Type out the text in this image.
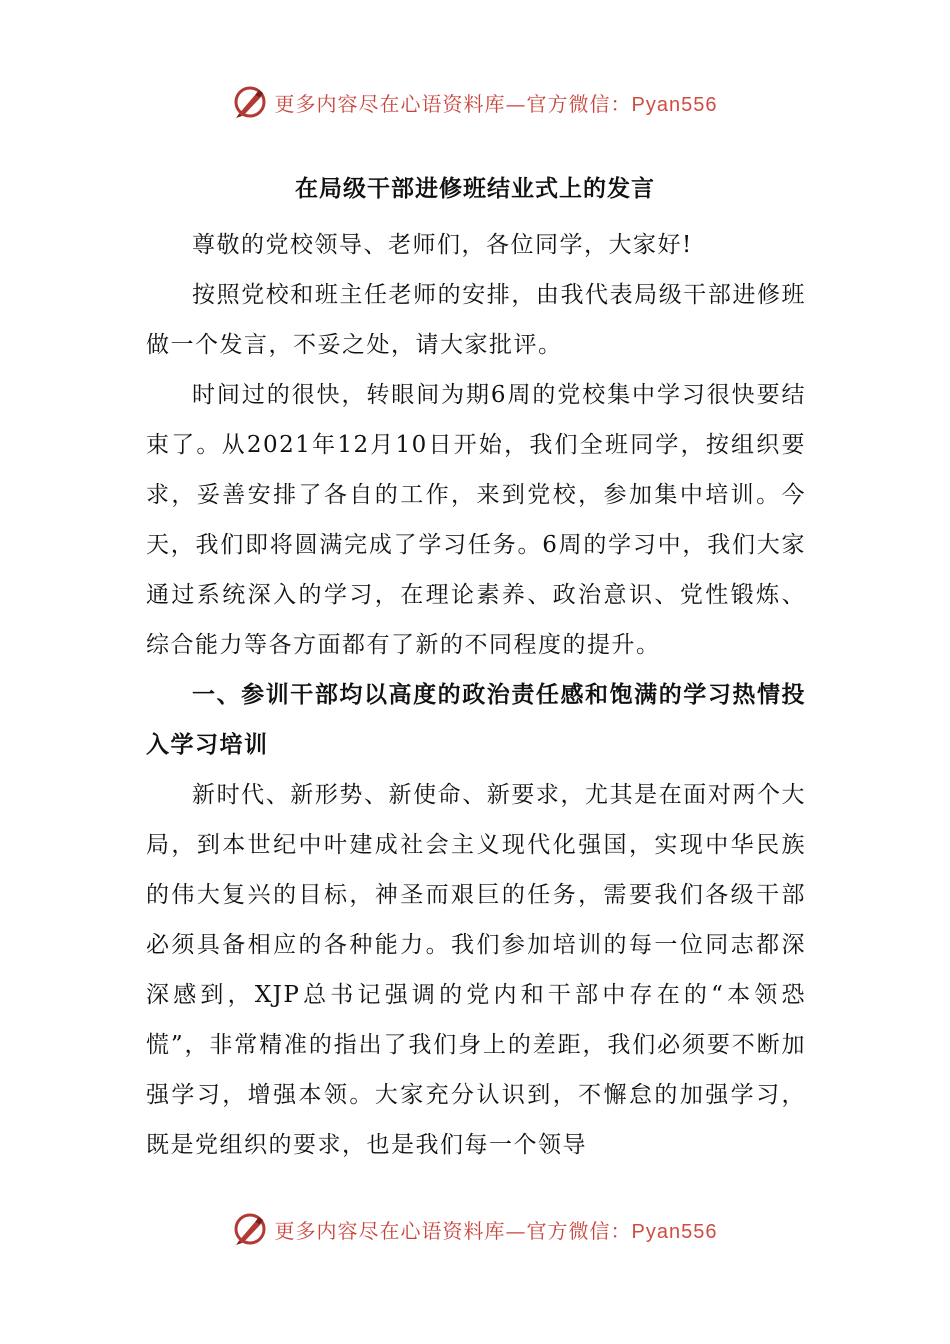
更多内容尽在心语资料库—官方微信：Pyan556
在局级干部进修班结业式上的发言

尊敬的党校领导、老师们，各位同学，大家好!

按照党校和班主任老师的安排，由我代表局级干部进修班做一个发言，不妥之处，请大家批评。

时间过的很快，转眼间为期6周的党校集中学习很快要结束了。从2021年12月10日开始，我们全班同学，按组织要求，妥善安排了各自的工作，来到党校，参加集中培训。今天，我们即将圆满完成了学习任务。6周的学习中，我们大家通过系统深入的学习，在理论素养、政治意识、党性锻炼、综合能力等各方面都有了新的不同程度的提升。

一、参训干部均以高度的政治责任感和饱满的学习热情投入学习培训

新时代、新形势、新使命、新要求，尤其是在面对两个大局，到本世纪中叶建成社会主义现代化强国，实现中华民族的伟大复兴的目标，神圣而艰巨的任务，需要我们各级干部必须具备相应的各种能力。我们参加培训的每一位同志都深深感到，XJP总书记强调的党内和干部中存在的“本领恐慌”，非常精准的指出了我们身上的差距，我们必须要不断加强学习，增强本领。大家充分认识到，不懈怠的加强学习，既是党组织的要求，也是我们每一个领导

更多内容尽在心语资料库—官方微信：Pyan556
